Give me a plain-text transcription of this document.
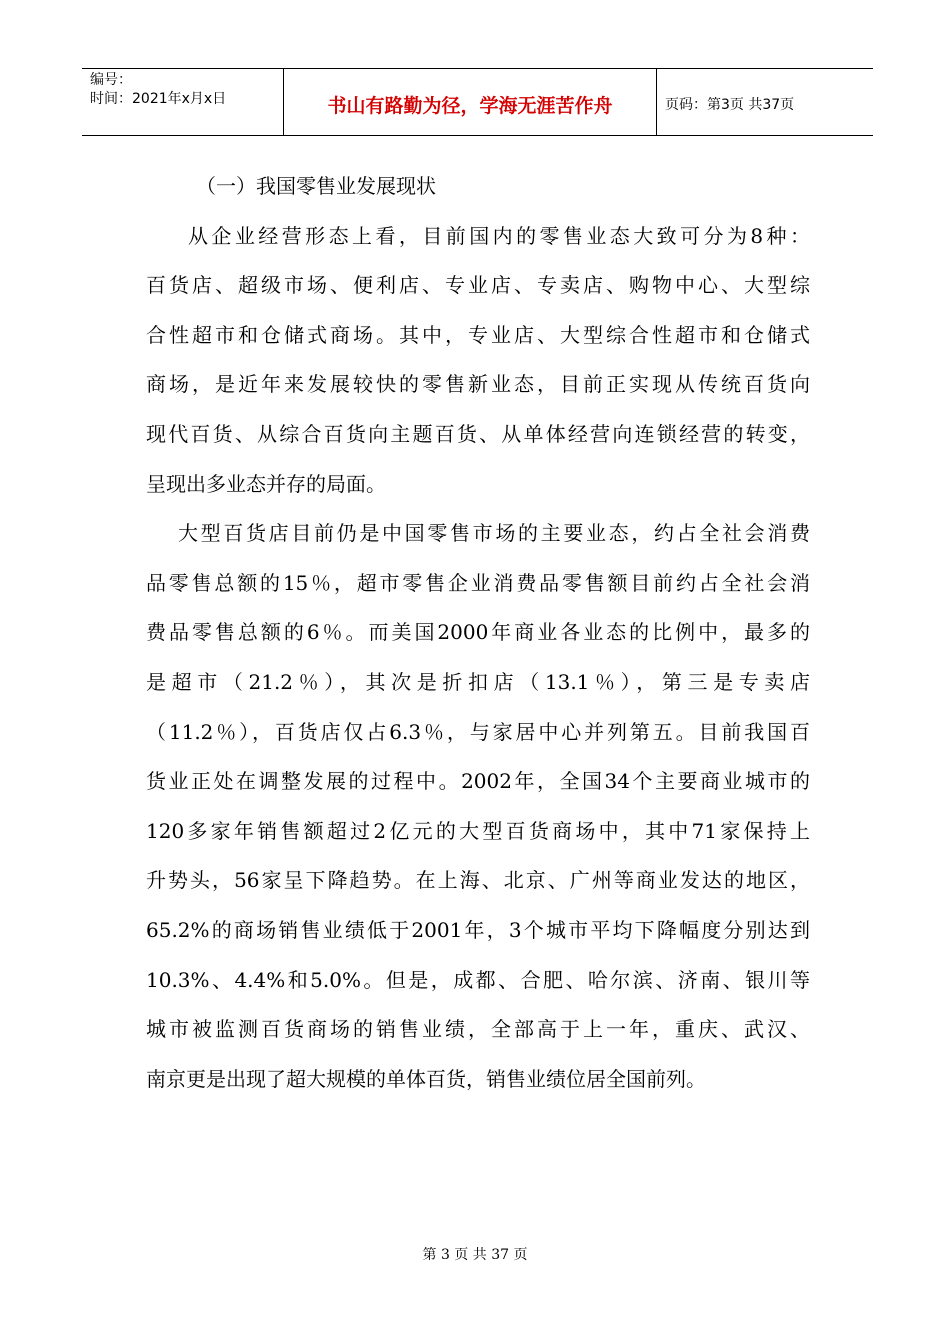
编号：
时间：2021年x月x日	书山有路勤为径，学海无涯苦作舟	页码：第3页 共37页
（一）我国零售业发展现状
从企业经营形态上看，目前国内的零售业态大致可分为8种：
百货店、超级市场、便利店、专业店、专卖店、购物中心、大型综
合性超市和仓储式商场。其中，专业店、大型综合性超市和仓储式
商场，是近年来发展较快的零售新业态，目前正实现从传统百货向
现代百货、从综合百货向主题百货、从单体经营向连锁经营的转变，
呈现出多业态并存的局面。
大型百货店目前仍是中国零售市场的主要业态，约占全社会消费
品零售总额的15％，超市零售企业消费品零售额目前约占全社会消
费品零售总额的6％。而美国2000年商业各业态的比例中，最多的
是超市（21.2％），其次是折扣店（13.1％），第三是专卖店
（11.2％），百货店仅占6.3％，与家居中心并列第五。目前我国百
货业正处在调整发展的过程中。2002年，全国34个主要商业城市的
120多家年销售额超过2亿元的大型百货商场中，其中71家保持上
升势头，56家呈下降趋势。在上海、北京、广州等商业发达的地区，
65.2%的商场销售业绩低于2001年，3个城市平均下降幅度分别达到
10.3%、4.4%和5.0%。但是，成都、合肥、哈尔滨、济南、银川等
城市被监测百货商场的销售业绩，全部高于上一年，重庆、武汉、
南京更是出现了超大规模的单体百货，销售业绩位居全国前列。
第 3 页 共 37 页
